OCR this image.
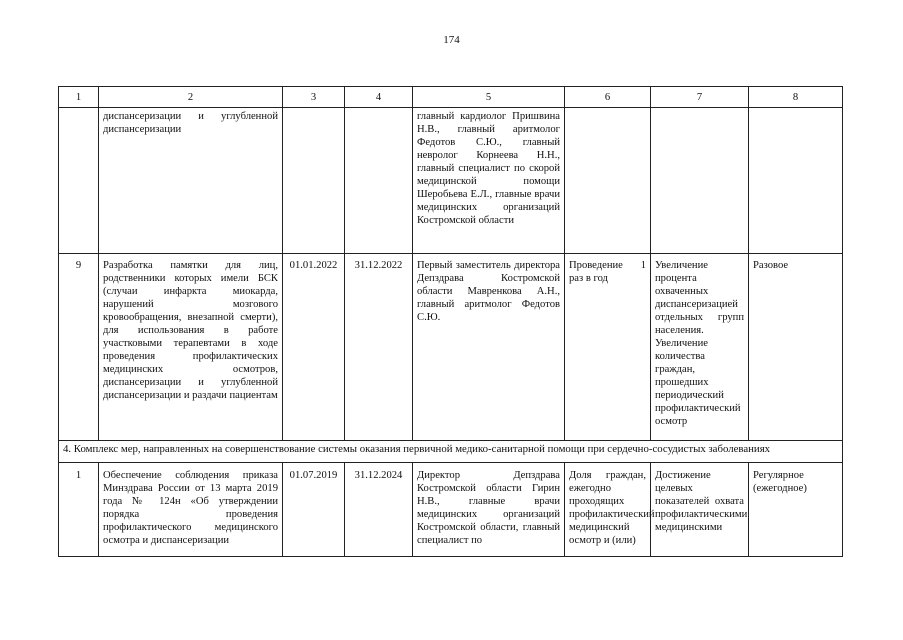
174
1	2	3	4	5	6	7	8
	диспансеризации и углубленной диспансеризации			главный кардиолог Пришвина Н.В., главный аритмолог Федотов С.Ю., главный невролог Корнеева Н.Н., главный специалист по скорой медицинской помощи Шеробьева Е.Л., главные врачи медицинских организаций Костромской области			
9	Разработка памятки для лиц, родственники которых имели БСК (случаи инфаркта миокарда, нарушений мозгового кровообращения, внезапной смерти), для использования в работе участковыми терапевтами в ходе проведения профилактических медицинских осмотров, диспансеризации и углубленной диспансеризации и раздачи пациентам	01.01.2022	31.12.2022	Первый заместитель директора Депздрава Костромской области Мавренкова А.Н., главный аритмолог Федотов С.Ю.	Проведение 1 раз в год	Увеличение процента охваченных диспансеризацией отдельных групп населения. Увеличение количества граждан, прошедших периодический профилактический осмотр	Разовое
4. Комплекс мер, направленных на совершенствование системы оказания первичной медико-санитарной помощи при сердечно-сосудистых заболеваниях							
1	Обеспечение соблюдения приказа Минздрава России от 13 марта 2019 года № 124н «Об утверждении порядка проведения профилактического медицинского осмотра и диспансеризации	01.07.2019	31.12.2024	Директор Депздрава Костромской области Гирин Н.В., главные врачи медицинских организаций Костромской области, главный специалист по	Доля граждан, ежегодно проходящих профилактический медицинский осмотр и (или)	Достижение целевых показателей охвата профилактическими медицинскими	Регулярное (ежегодное)
